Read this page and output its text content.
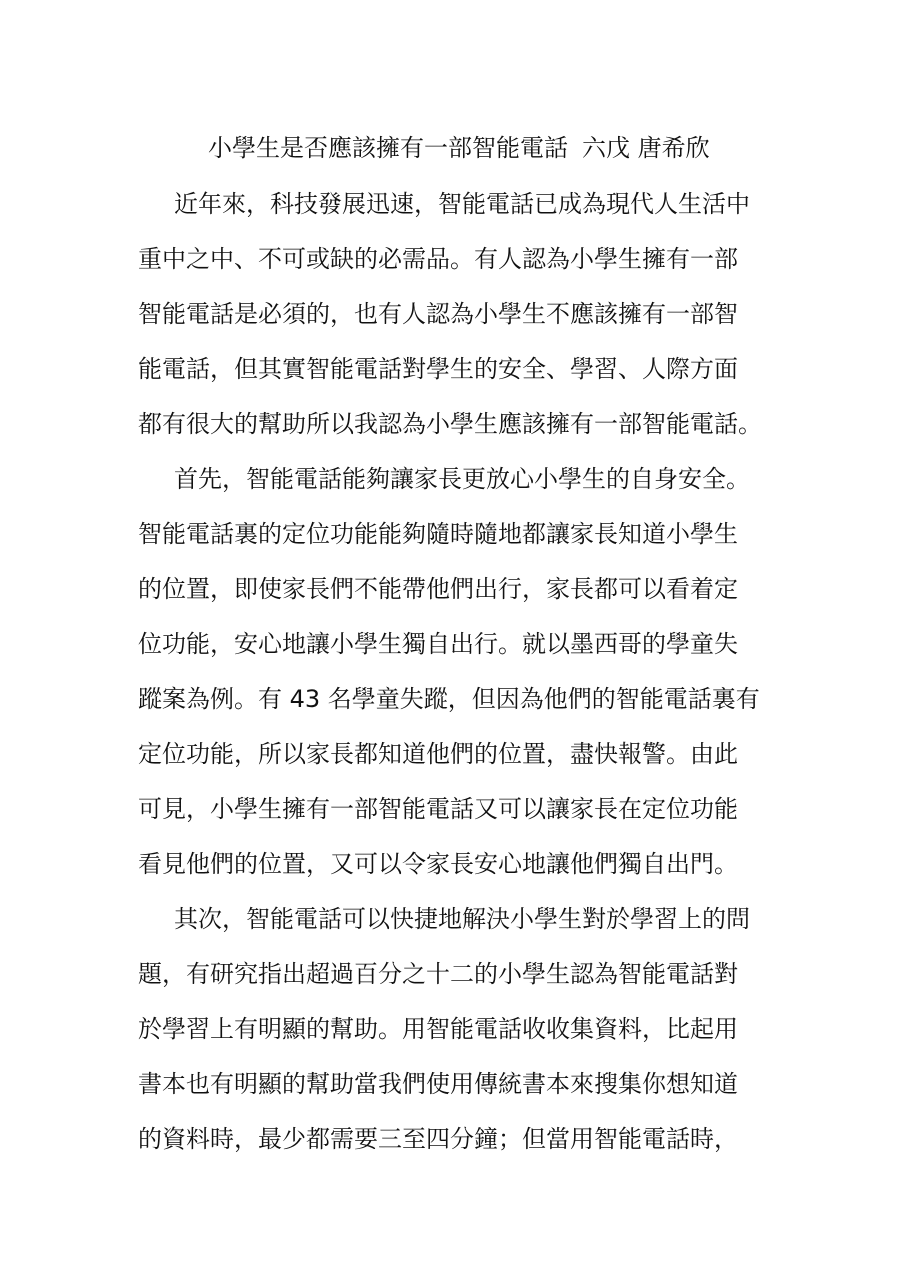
小學生是否應該擁有一部智能電話 六戊 唐希欣
近年來，科技發展迅速，智能電話已成為現代人生活中
重中之中、不可或缺的必需品。有人認為小學生擁有一部
智能電話是必須的，也有人認為小學生不應該擁有一部智
能電話，但其實智能電話對學生的安全、學習、人際方面
都有很大的幫助所以我認為小學生應該擁有一部智能電話。
首先，智能電話能夠讓家長更放心小學生的自身安全。
智能電話裏的定位功能能夠隨時隨地都讓家長知道小學生
的位置，即使家長們不能帶他們出行，家長都可以看着定
位功能，安心地讓小學生獨自出行。就以墨西哥的學童失
蹤案為例。有 43 名學童失蹤，但因為他們的智能電話裏有
定位功能，所以家長都知道他們的位置，盡快報警。由此
可見，小學生擁有一部智能電話又可以讓家長在定位功能
看見他們的位置，又可以令家長安心地讓他們獨自出門。
其次，智能電話可以快捷地解決小學生對於學習上的問
題，有研究指出超過百分之十二的小學生認為智能電話對
於學習上有明顯的幫助。用智能電話收收集資料，比起用
書本也有明顯的幫助當我們使用傳統書本來搜集你想知道
的資料時，最少都需要三至四分鐘；但當用智能電話時，
